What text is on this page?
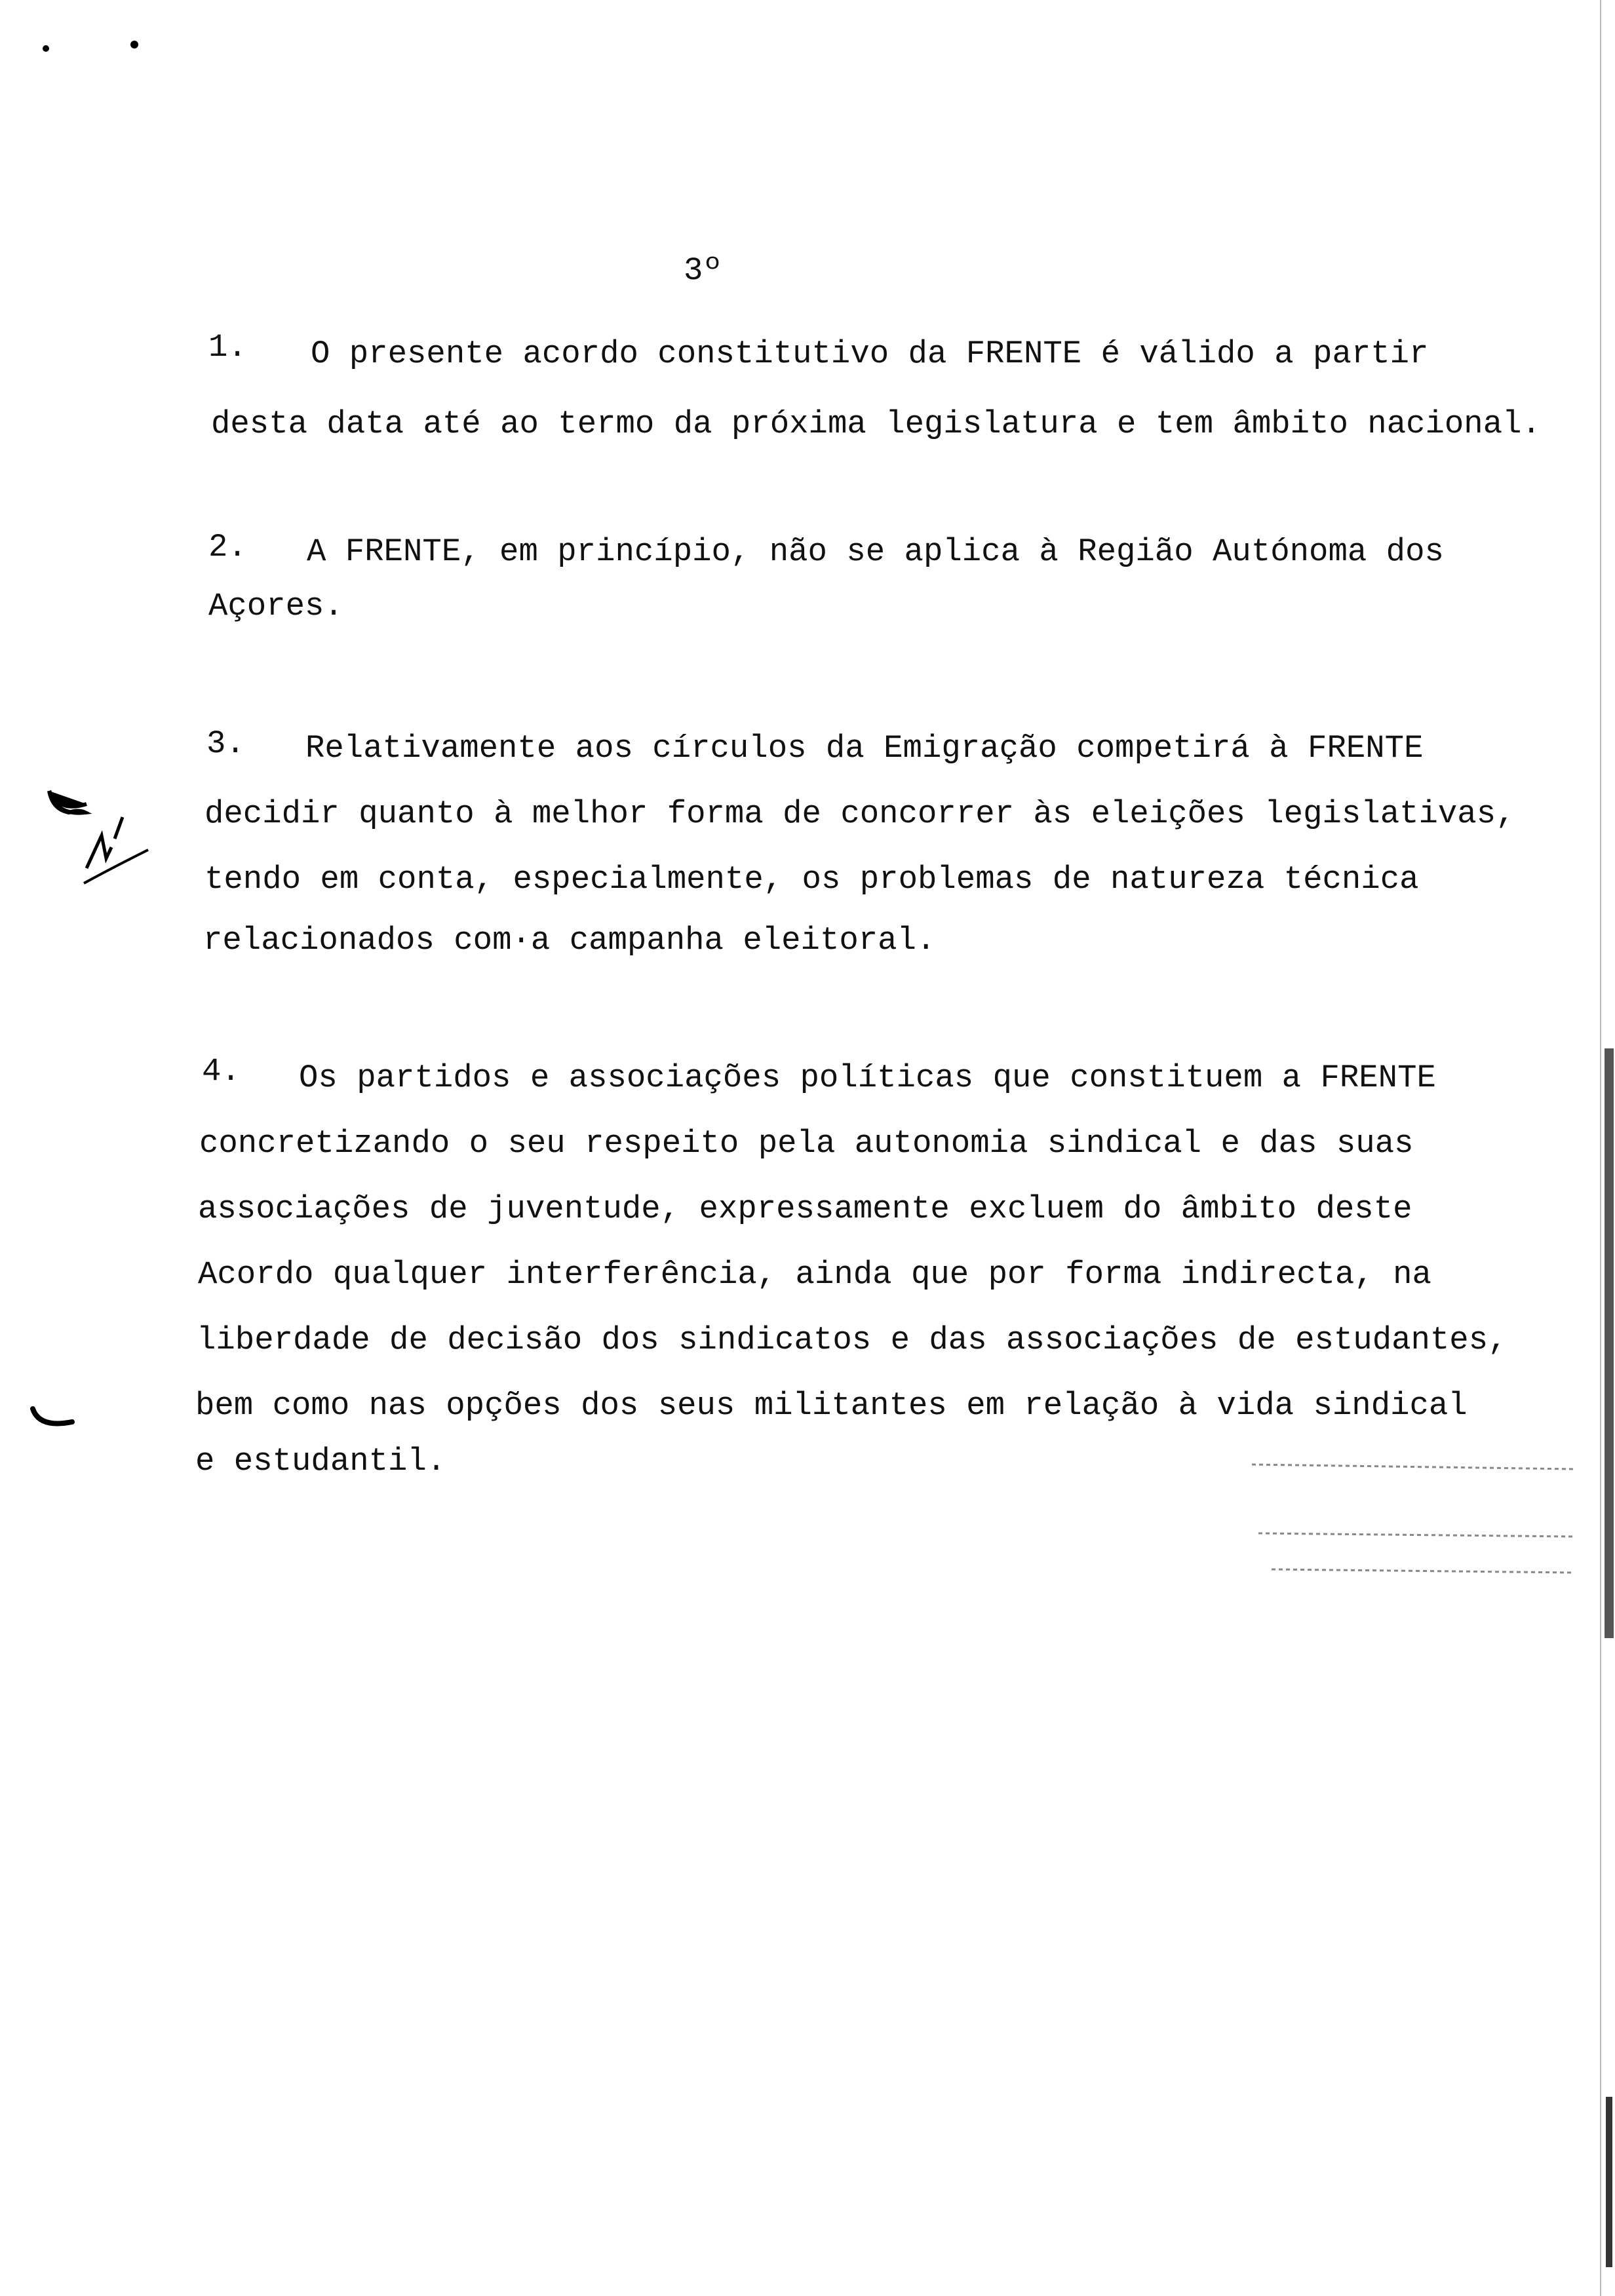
3º
1. O presente acordo constitutivo da FRENTE é válido a partir
desta data até ao termo da próxima legislatura e tem âmbito nacional.
2. A FRENTE, em princípio, não se aplica à Região Autónoma dos
Açores.
3. Relativamente aos círculos da Emigração competirá à FRENTE
decidir quanto à melhor forma de concorrer às eleições legislativas,
tendo em conta, especialmente, os problemas de natureza técnica
relacionados com·a campanha eleitoral.
4. Os partidos e associações políticas que constituem a FRENTE
concretizando o seu respeito pela autonomia sindical e das suas
associações de juventude, expressamente excluem do âmbito deste
Acordo qualquer interferência, ainda que por forma indirecta, na
liberdade de decisão dos sindicatos e das associações de estudantes,
bem como nas opções dos seus militantes em relação à vida sindical
e estudantil.
